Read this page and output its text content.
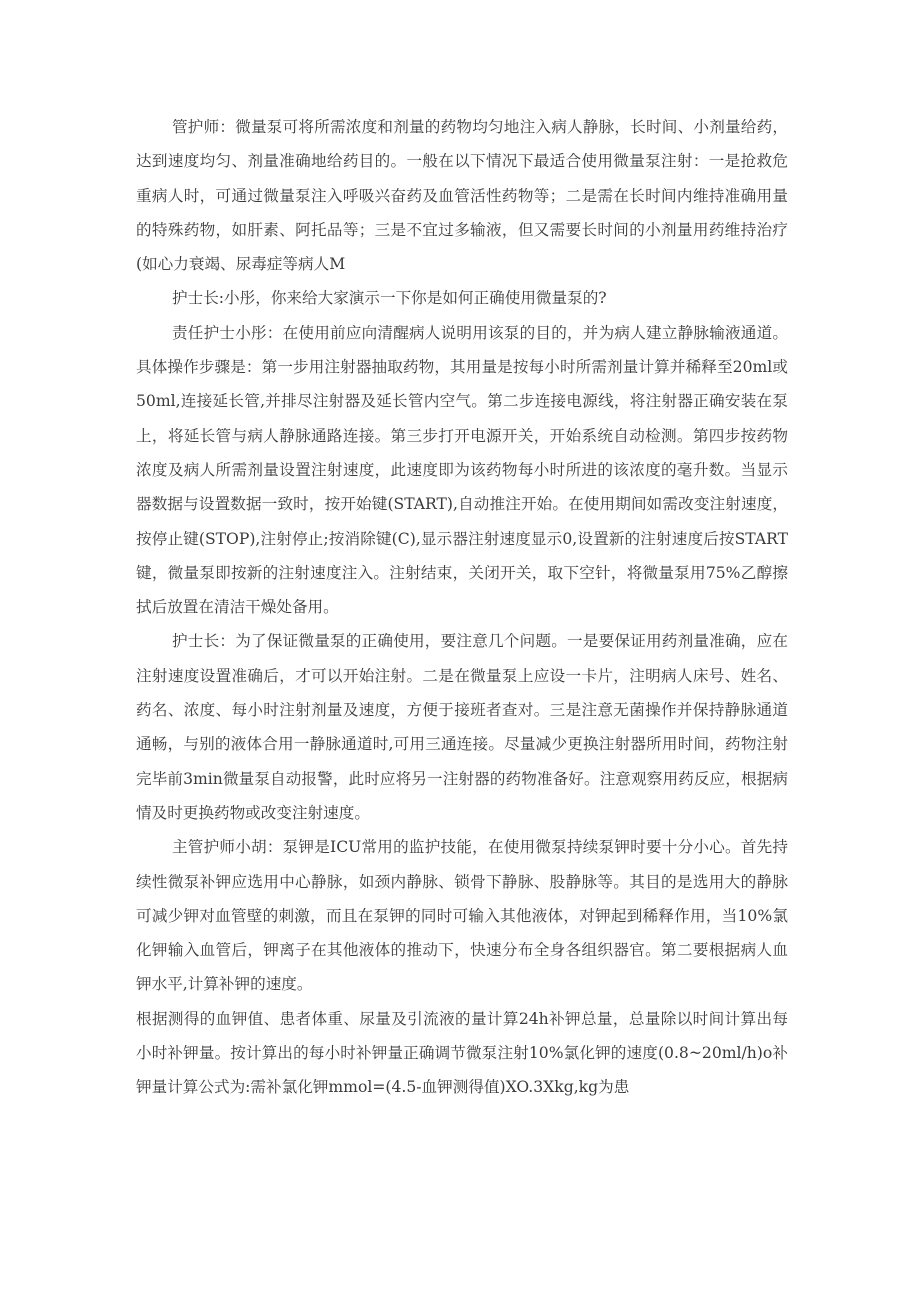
管护师：微量泵可将所需浓度和剂量的药物均匀地注入病人静脉，长时间、小剂量给药，达到速度均匀、剂量准确地给药目的。一般在以下情况下最适合使用微量泵注射：一是抢救危重病人时，可通过微量泵注入呼吸兴奋药及血管活性药物等；二是需在长时间内维持准确用量的特殊药物，如肝素、阿托品等；三是不宜过多输液，但又需要长时间的小剂量用药维持治疗(如心力衰竭、尿毒症等病人M

护士长:小彤，你来给大家演示一下你是如何正确使用微量泵的?

责任护士小彤：在使用前应向清醒病人说明用该泵的目的，并为病人建立静脉输液通道。具体操作步骤是：第一步用注射器抽取药物，其用量是按每小时所需剂量计算并稀释至20ml或50ml,连接延长管,并排尽注射器及延长管内空气。第二步连接电源线，将注射器正确安装在泵上，将延长管与病人静脉通路连接。第三步打开电源开关，开始系统自动检测。第四步按药物浓度及病人所需剂量设置注射速度，此速度即为该药物每小时所进的该浓度的毫升数。当显示器数据与设置数据一致时，按开始键(START),自动推注开始。在使用期间如需改变注射速度，按停止键(STOP),注射停止;按消除键(C),显示器注射速度显示0,设置新的注射速度后按START键，微量泵即按新的注射速度注入。注射结束，关闭开关，取下空针，将微量泵用75%乙醇擦拭后放置在清洁干燥处备用。

护士长：为了保证微量泵的正确使用，要注意几个问题。一是要保证用药剂量准确，应在注射速度设置准确后，才可以开始注射。二是在微量泵上应设一卡片，注明病人床号、姓名、药名、浓度、每小时注射剂量及速度，方便于接班者查对。三是注意无菌操作并保持静脉通道通畅，与别的液体合用一静脉通道时,可用三通连接。尽量减少更换注射器所用时间，药物注射完毕前3min微量泵自动报警，此时应将另一注射器的药物准备好。注意观察用药反应，根据病情及时更换药物或改变注射速度。

主管护师小胡：泵钾是ICU常用的监护技能，在使用微泵持续泵钾时要十分小心。首先持续性微泵补钾应选用中心静脉，如颈内静脉、锁骨下静脉、股静脉等。其目的是选用大的静脉可减少钾对血管壁的刺激，而且在泵钾的同时可输入其他液体，对钾起到稀释作用，当10%氯化钾输入血管后，钾离子在其他液体的推动下，快速分布全身各组织器官。第二要根据病人血钾水平,计算补钾的速度。

根据测得的血钾值、患者体重、尿量及引流液的量计算24h补钾总量，总量除以时间计算出每小时补钾量。按计算出的每小时补钾量正确调节微泵注射10%氯化钾的速度(0.8~20ml/h)o补钾量计算公式为:需补氯化钾mmol=(4.5-血钾测得值)XO.3Xkg,kg为患
